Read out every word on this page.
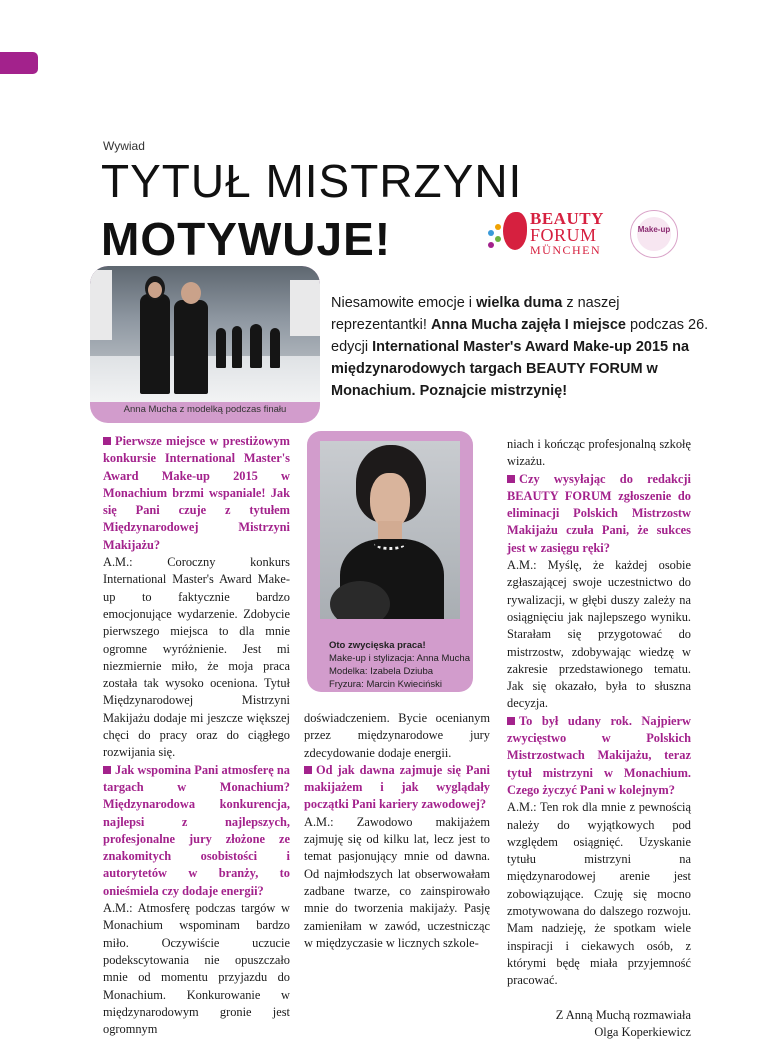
Wywiad
TYTUŁ MISTRZYNI
MOTYWUJE!	BEAUTY
FORUM
MÜNCHEN
Make-up
Anna Mucha z modelką podczas finału
Niesamowite emocje i wielka duma z naszej reprezentantki! Anna Mucha zajęła I miejsce podczas 26. edycji International Master's Award Make-up 2015 na międzynarodowych targach BEAUTY FORUM w Monachium. Poznajcie mistrzynię!

Pierwsze miejsce w prestiżowym konkursie International Master's Award Make-up 2015 w Monachium brzmi wspaniale! Jak się Pani czuje z tytułem Międzynarodowej Mistrzyni Makijażu?

A.M.: Coroczny konkurs International Master's Award Make-up to faktycznie bardzo emocjonujące wydarzenie. Zdobycie pierwszego miejsca to dla mnie ogromne wyróżnienie. Jest mi niezmiernie miło, że moja praca została tak wysoko oceniona. Tytuł Międzynarodowej Mistrzyni Makijażu dodaje mi jeszcze większej chęci do pracy oraz do ciągłego rozwijania się.

Jak wspomina Pani atmosferę na targach w Monachium? Międzynarodowa konkurencja, najlepsi z najlepszych, profesjonalne jury złożone ze znakomitych osobistości i autorytetów w branży, to onieśmiela czy dodaje energii?

A.M.: Atmosferę podczas targów w Monachium wspominam bardzo miło. Oczywiście uczucie podekscytowania nie opuszczało mnie od momentu przyjazdu do Monachium. Konkurowanie w międzynarodowym gronie jest ogromnym

Oto zwycięska praca!
Make-up i stylizacja: Anna Mucha
Modelka: Izabela Dziuba
Fryzura: Marcin Kwieciński

doświadczeniem. Bycie ocenianym przez międzynarodowe jury zdecydowanie dodaje energii.

Od jak dawna zajmuje się Pani makijażem i jak wyglądały początki Pani kariery zawodowej?

A.M.: Zawodowo makijażem zajmuję się od kilku lat, lecz jest to temat pasjonujący mnie od dawna. Od najmłodszych lat obserwowałam zadbane twarze, co zainspirowało mnie do tworzenia makijaży. Pasję zamieniłam w zawód, uczestnicząc w międzyczasie w licznych szkole-

niach i kończąc profesjonalną szkołę wizażu.

Czy wysyłając do redakcji BEAUTY FORUM zgłoszenie do eliminacji Polskich Mistrzostw Makijażu czuła Pani, że sukces jest w zasięgu ręki?

A.M.: Myślę, że każdej osobie zgłaszającej swoje uczestnictwo do rywalizacji, w głębi duszy zależy na osiągnięciu jak najlepszego wyniku. Starałam się przygotować do mistrzostw, zdobywając wiedzę w zakresie przedstawionego tematu. Jak się okazało, była to słuszna decyzja.

To był udany rok. Najpierw zwycięstwo w Polskich Mistrzostwach Makijażu, teraz tytuł mistrzyni w Monachium. Czego życzyć Pani w kolejnym?

A.M.: Ten rok dla mnie z pewnością należy do wyjątkowych pod względem osiągnięć. Uzyskanie tytułu mistrzyni na międzynarodowej arenie jest zobowiązujące. Czuję się mocno zmotywowana do dalszego rozwoju. Mam nadzieję, że spotkam wiele inspiracji i ciekawych osób, z którymi będę miała przyjemność pracować.

Z Anną Muchą rozmawiała

Olga Koperkiewicz
